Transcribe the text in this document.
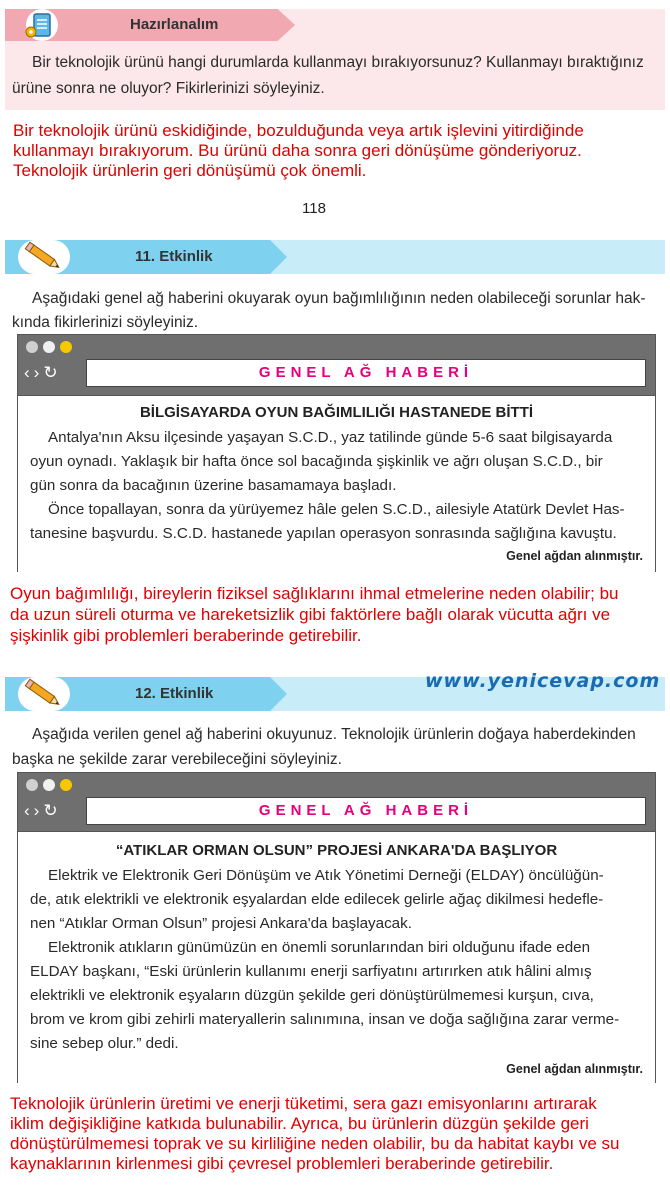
Hazırlanalım
Bir teknolojik ürünü hangi durumlarda kullanmayı bırakıyorsunuz? Kullanmayı bıraktığınız
ürüne sonra ne oluyor? Fikirlerinizi söyleyiniz.
Bir teknolojik ürünü eskidiğinde, bozulduğunda veya artık işlevini yitirdiğinde
kullanmayı bırakıyorum. Bu ürünü daha sonra geri dönüşüme gönderiyoruz.
Teknolojik ürünlerin geri dönüşümü çok önemli.
118
11. Etkinlik
Aşağıdaki genel ağ haberini okuyarak oyun bağımlılığının neden olabileceği sorunlar hak-
kında fikirlerinizi söyleyiniz.
‹›↻	GENEL AĞ HABERİ
BİLGİSAYARDA OYUN BAĞIMLILIĞI HASTANEDE BİTTİ
Antalya'nın Aksu ilçesinde yaşayan S.C.D., yaz tatilinde günde 5-6 saat bilgisayarda
oyun oynadı. Yaklaşık bir hafta önce sol bacağında şişkinlik ve ağrı oluşan S.C.D., bir
gün sonra da bacağının üzerine basamamaya başladı.
Önce topallayan, sonra da yürüyemez hâle gelen S.C.D., ailesiyle Atatürk Devlet Has-
tanesine başvurdu. S.C.D. hastanede yapılan operasyon sonrasında sağlığına kavuştu.
Genel ağdan alınmıştır.
Oyun bağımlılığı, bireylerin fiziksel sağlıklarını ihmal etmelerine neden olabilir; bu
da uzun süreli oturma ve hareketsizlik gibi faktörlere bağlı olarak vücutta ağrı ve
şişkinlik gibi problemleri beraberinde getirebilir.
12. Etkinlik
www.yenicevap.com
Aşağıda verilen genel ağ haberini okuyunuz. Teknolojik ürünlerin doğaya haberdekinden
başka ne şekilde zarar verebileceğini söyleyiniz.
‹›↻	GENEL AĞ HABERİ
“ATIKLAR ORMAN OLSUN” PROJESİ ANKARA'DA BAŞLIYOR
Elektrik ve Elektronik Geri Dönüşüm ve Atık Yönetimi Derneği (ELDAY) öncülüğün-
de, atık elektrikli ve elektronik eşyalardan elde edilecek gelirle ağaç dikilmesi hedefle-
nen “Atıklar Orman Olsun” projesi Ankara'da başlayacak.
Elektronik atıkların günümüzün en önemli sorunlarından biri olduğunu ifade eden
ELDAY başkanı, “Eski ürünlerin kullanımı enerji sarfiyatını artırırken atık hâlini almış
elektrikli ve elektronik eşyaların düzgün şekilde geri dönüştürülmemesi kurşun, cıva,
brom ve krom gibi zehirli materyallerin salınımına, insan ve doğa sağlığına zarar verme-
sine sebep olur.” dedi.
Genel ağdan alınmıştır.
Teknolojik ürünlerin üretimi ve enerji tüketimi, sera gazı emisyonlarını artırarak
iklim değişikliğine katkıda bulunabilir. Ayrıca, bu ürünlerin düzgün şekilde geri
dönüştürülmemesi toprak ve su kirliliğine neden olabilir, bu da habitat kaybı ve su
kaynaklarının kirlenmesi gibi çevresel problemleri beraberinde getirebilir.
